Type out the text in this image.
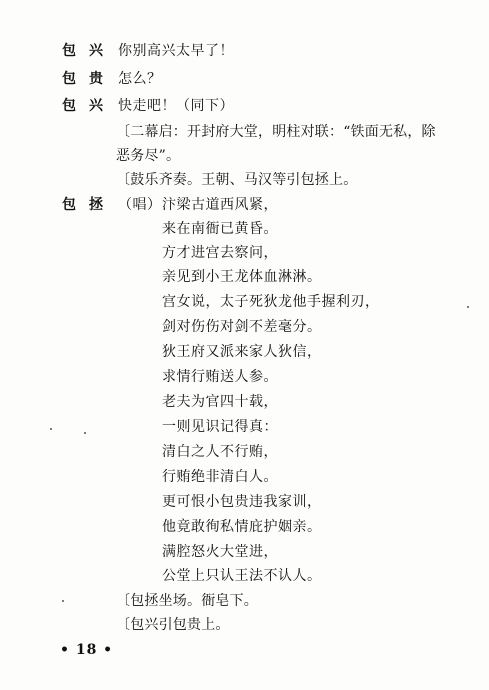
包兴 你别高兴太早了！
包贵 怎么？
包兴 快走吧！（同下）
〔二幕启：开封府大堂，明柱对联：“铁面无私，除
恶务尽”。
〔鼓乐齐奏。王朝、马汉等引包拯上。
包拯 （唱） 汴梁古道西风紧，
来在南衙已黄昏。
方才进宫去察问，
亲见到小王龙体血淋淋。
宫女说，太子死狄龙他手握利刃，
剑对伤伤对剑不差毫分。
狄王府又派来家人狄信，
求情行贿送人参。
老夫为官四十载，
一则见识记得真：
清白之人不行贿，
行贿绝非清白人。
更可恨小包贵违我家训，
他竟敢徇私情庇护姻亲。
满腔怒火大堂进，
公堂上只认王法不认人。
〔包拯坐场。衙皂下。
〔包兴引包贵上。
• 18 •
